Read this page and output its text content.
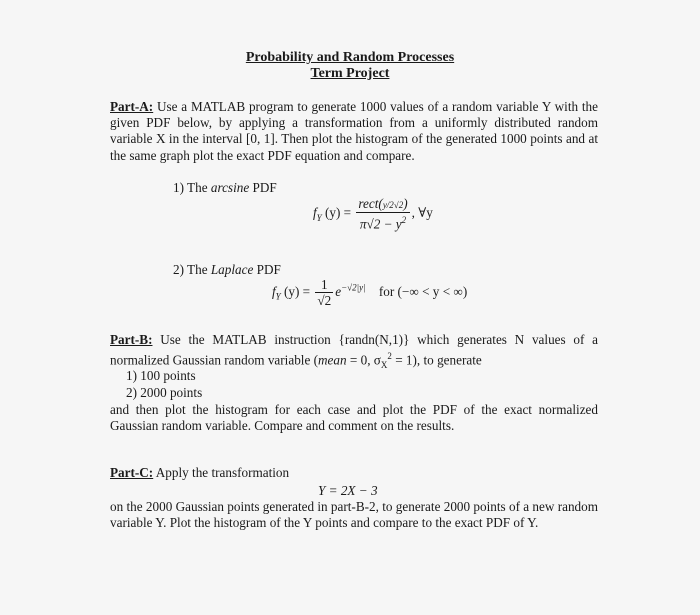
Probability and Random Processes
Term Project

Part-A: Use a MATLAB program to generate 1000 values of a random variable Y with the given PDF below, by applying a transformation from a uniformly distributed random variable X in the interval [0, 1]. Then plot the histogram of the generated 1000 points and at the same graph plot the exact PDF equation and compare.

1) The arcsine PDF
$f_Y$ $(y) = \frac{\text{rect(y/2√2)}}{\pi√2 - y^2}$ , ∀y
2) The Laplace PDF
$f_Y$ $(y) = \frac{1}{√2} e^{-√2|y|}$ for (−∞ < y < ∞)

Part-B: Use the MATLAB instruction {randn(N,1)} which generates N values of a normalized Gaussian random variable (mean = 0, $\sigma_X^2 = 1$), to generate

1) 100 points
2) 2000 points

and then plot the histogram for each case and plot the PDF of the exact normalized Gaussian random variable. Compare and comment on the results.

Part-C: Apply the transformation
Y = 2X − 3

on the 2000 Gaussian points generated in part-B-2, to generate 2000 points of a new random variable Y. Plot the histogram of the Y points and compare to the exact PDF of Y.
